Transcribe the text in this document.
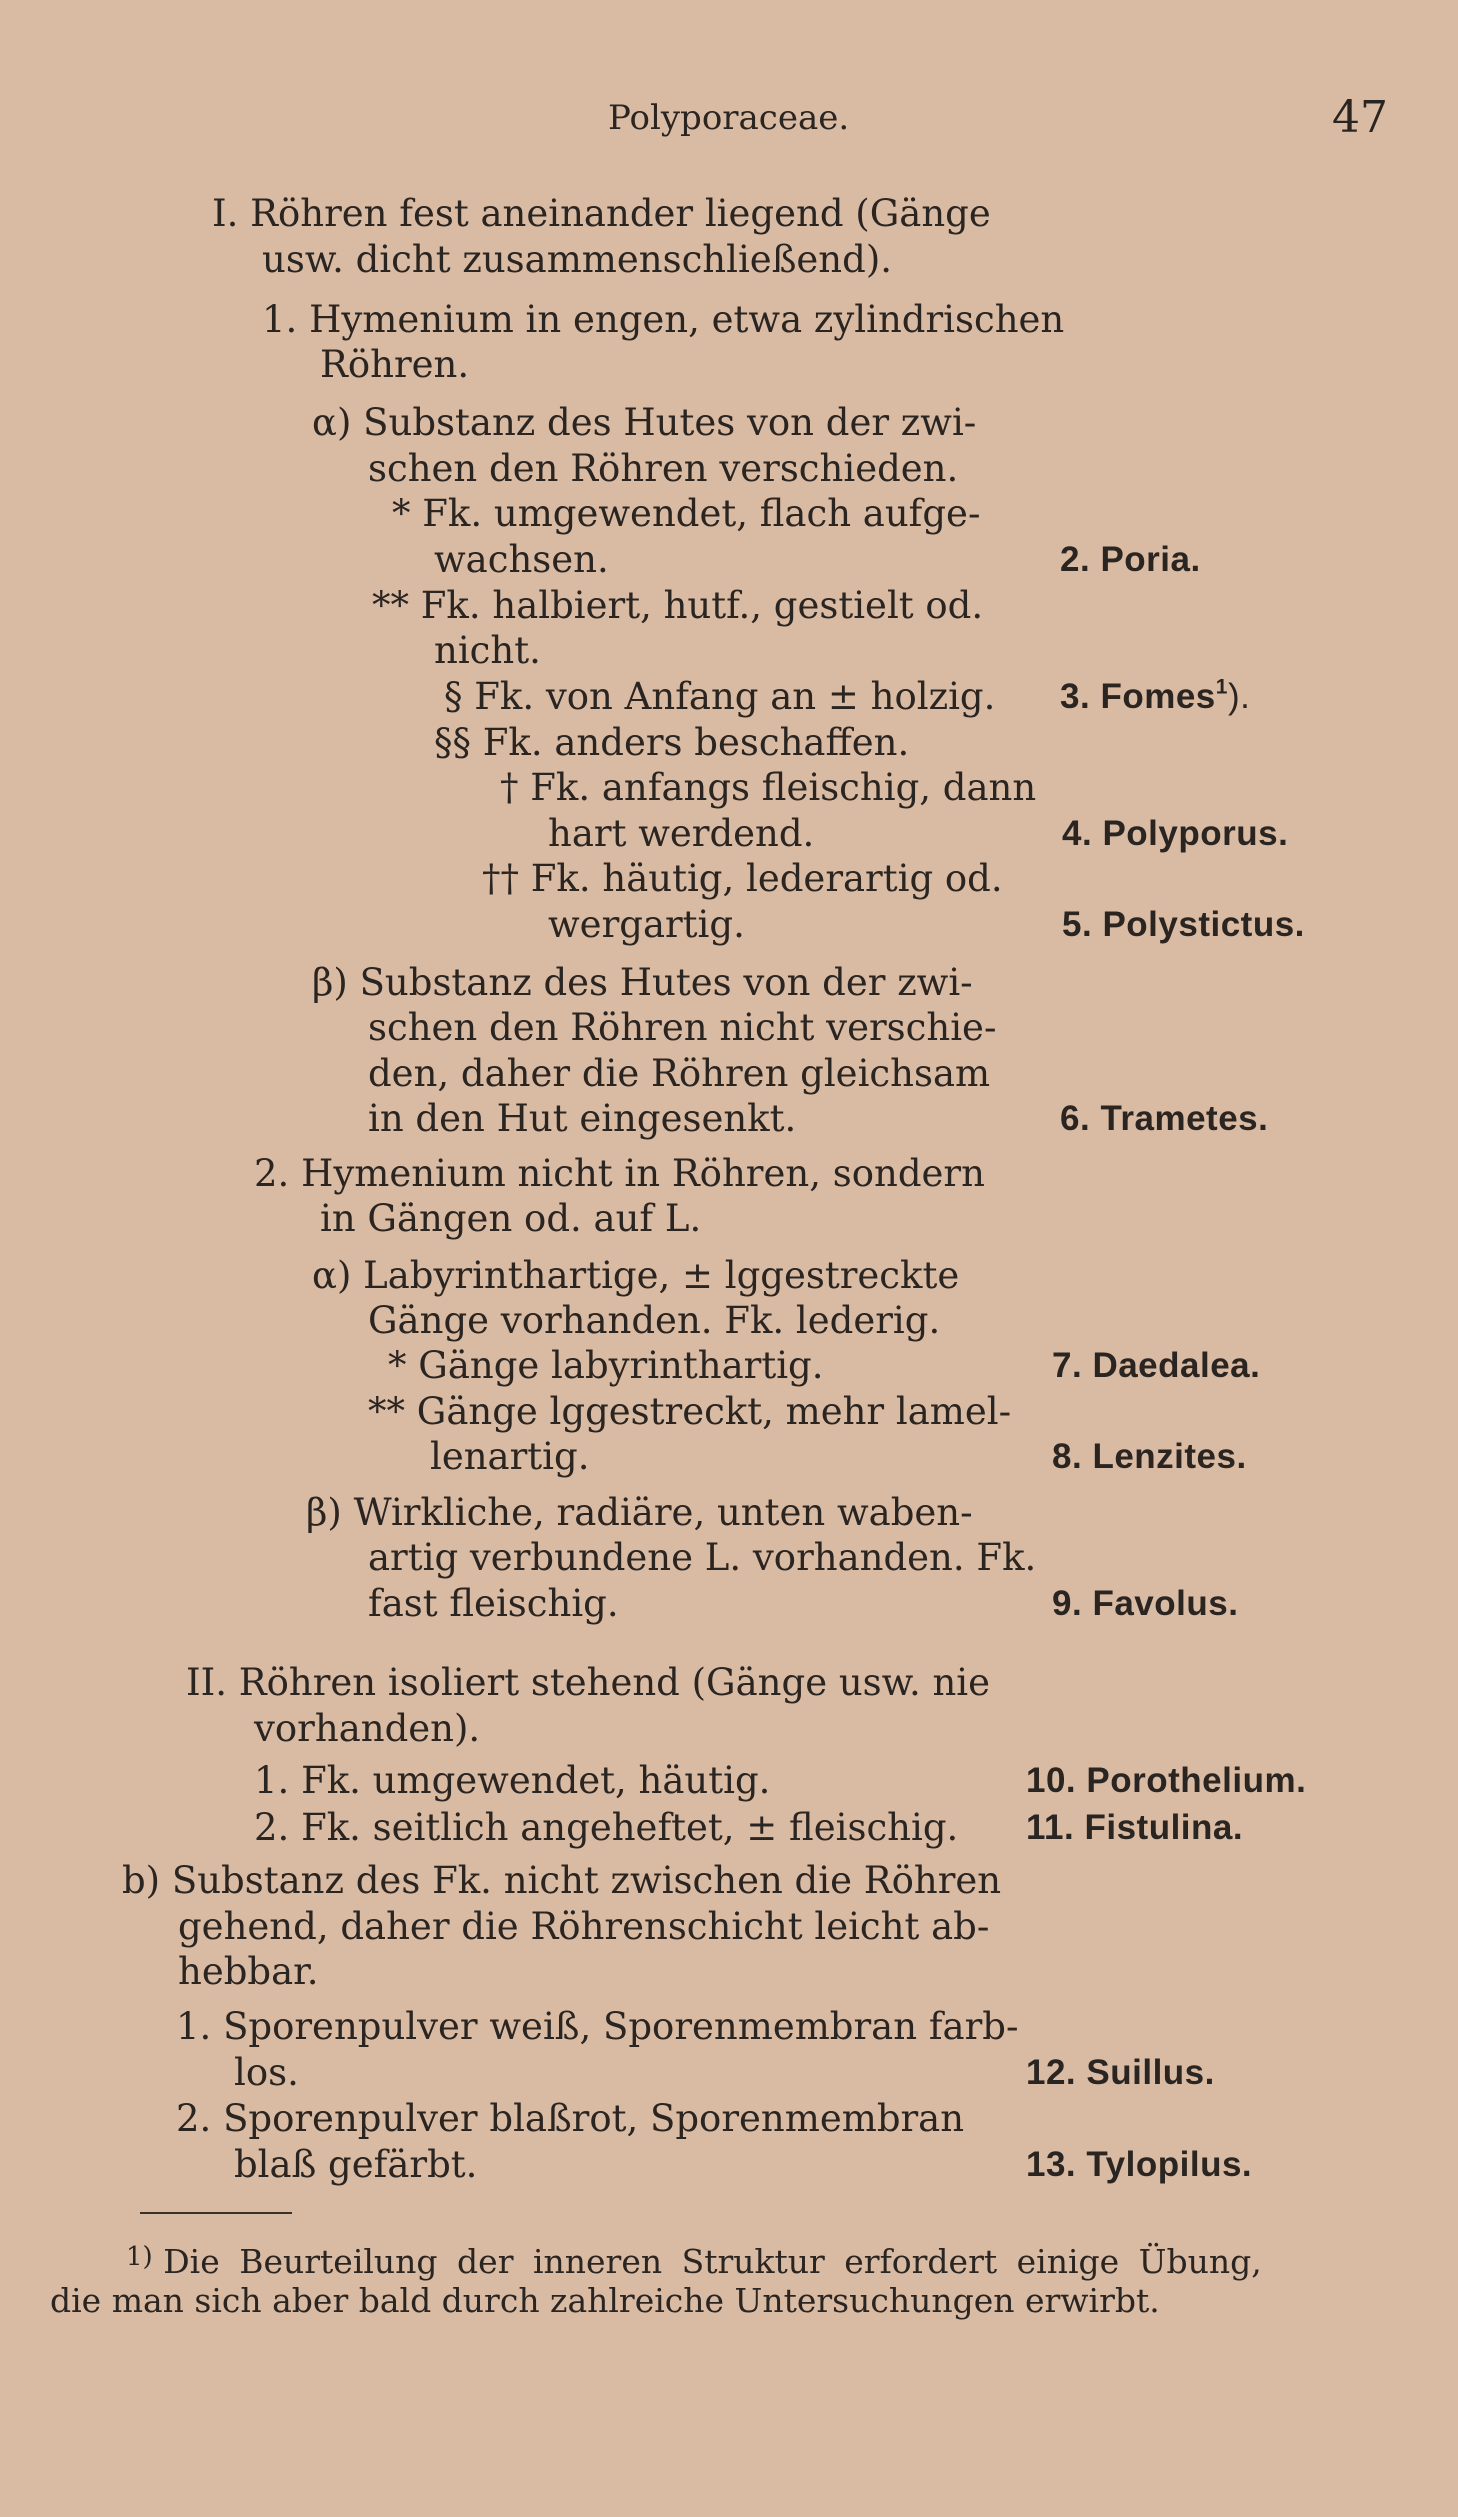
Polyporaceae.	47
I. Röhren fest aneinander liegend (Gänge
usw. dicht zusammenschließend).
1. Hymenium in engen, etwa zylindrischen
Röhren.
α) Substanz des Hutes von der zwi-
schen den Röhren verschieden.
* Fk. umgewendet, flach aufge-
wachsen.
** Fk. halbiert, hutf., gestielt od.
nicht.
§ Fk. von Anfang an ± holzig.
§§ Fk. anders beschaffen.
† Fk. anfangs fleischig, dann
hart werdend.
†† Fk. häutig, lederartig od.
wergartig.
β) Substanz des Hutes von der zwi-
schen den Röhren nicht verschie-
den, daher die Röhren gleichsam
in den Hut eingesenkt.
2. Hymenium nicht in Röhren, sondern
in Gängen od. auf L.
α) Labyrinthartige, ± lggestreckte
Gänge vorhanden. Fk. lederig.
* Gänge labyrinthartig.
** Gänge lggestreckt, mehr lamel-
lenartig.
β) Wirkliche, radiäre, unten waben-
artig verbundene L. vorhanden. Fk.
fast fleischig.
II. Röhren isoliert stehend (Gänge usw. nie
vorhanden).
1. Fk. umgewendet, häutig.
2. Fk. seitlich angeheftet, ± fleischig.
b) Substanz des Fk. nicht zwischen die Röhren
gehend, daher die Röhrenschicht leicht ab-
hebbar.
1. Sporenpulver weiß, Sporenmembran farb-
los.
2. Sporenpulver blaßrot, Sporenmembran
blaß gefärbt.
2. Poria.
3. Fomes$^1$).
4. Polyporus.
5. Polystictus.
6. Trametes.
7. Daedalea.
8. Lenzites.
9. Favolus.
10. Porothelium.
11. Fistulina.
12. Suillus.
13. Tylopilus.
$^{1)}$ Die Beurteilung der inneren Struktur erfordert einige Übung,
die man sich aber bald durch zahlreiche Untersuchungen erwirbt.
